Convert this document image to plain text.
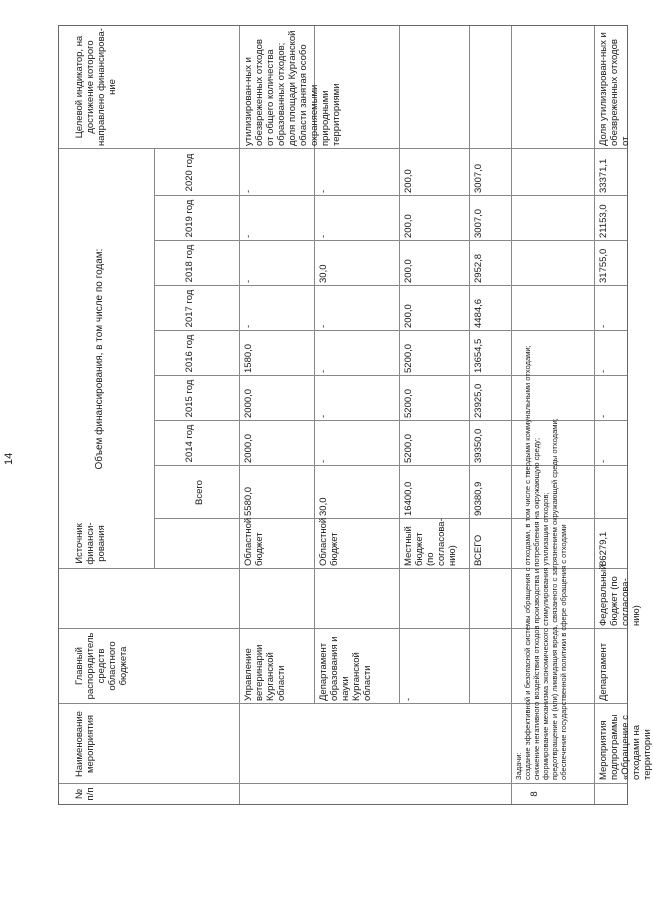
14
№ п/п
Наименование мероприятия
Главный распорядитель средств областного бюджета
Источник финанси-рования
Объем финансирования, в том числе по годам:
Целевой индикатор, на достижение которого направлено финансирова-ние
Всего
2014 год
2015 год
2016 год
2017 год
2018 год
2019 год
2020 год
Управление ветеринарии Курганской области
Областной бюджет
5580,0
2000,0
2000,0
1580,0
-
-
-
-
утилизирован-ных и обезвреженных отходов от общего количества образованных отходов; доля площади Курганской области занятая особо охраняемыми природными территориями
Департамент образования и науки Курганской области
Областной бюджет
30,0
-
-
-
-
30,0
-
-
-
Местный бюджет (по согласова-нию)
16400,0
5200,0
5200,0
5200,0
200,0
200,0
200,0
200,0
ВСЕГО
90380,9
39350,0
23925,0
13654,5
4484,6
2952,8
3007,0
3007,0
8
Задачи: создание эффективной и безопасной системы обращения с отходами, в том числе с твердыми коммунальными отходами; снижение негативного воздействия отходов производства и потребления на окружающую среду; формирование механизма экономического стимулирования утилизации отходов; предотвращение и (или) ликвидация вреда, связанного с загрязнением окружающей среды отходами; обеспечение государственной политики в сфере обращения с отходами	Мероприятия подпрограммы «Обращение с отходами на территории
Департамент
Федеральный бюджет (по согласова-нию)
86279,1
-
-
-
-
31755,0
21153,0
33371,1
Доля утилизирован-ных и обезвреженных отходов от
